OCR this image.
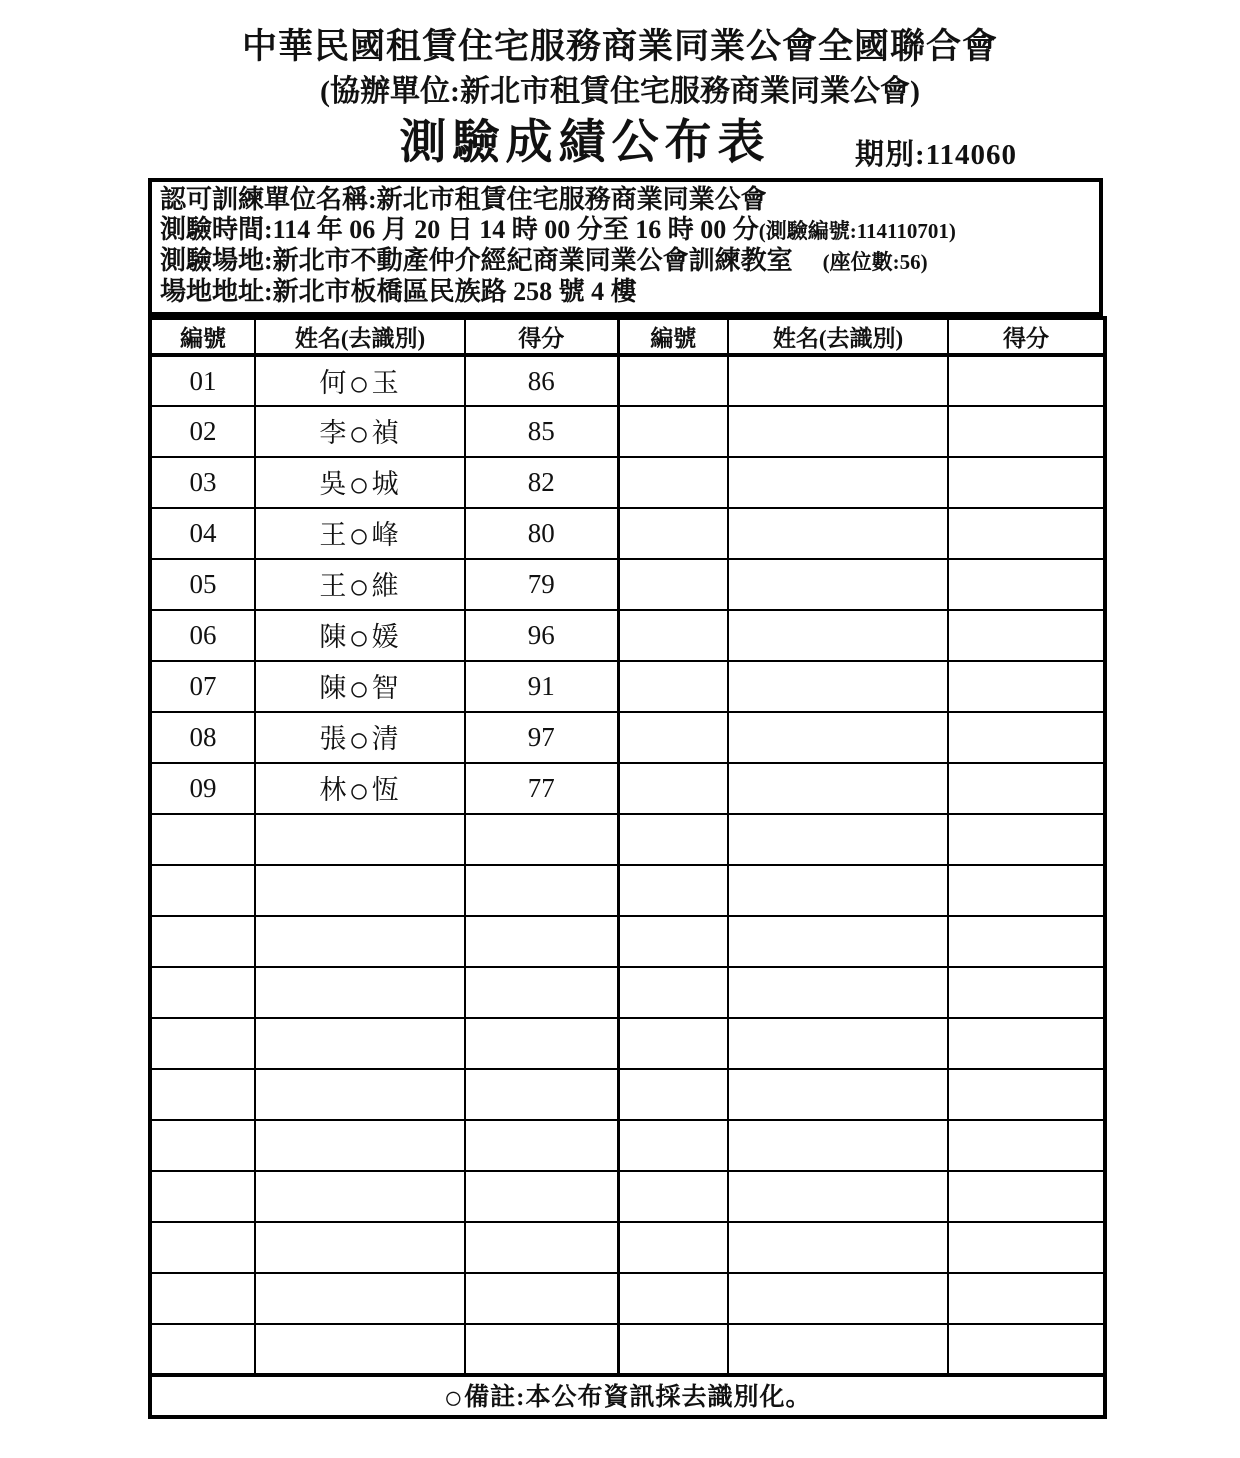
中華民國租賃住宅服務商業同業公會全國聯合會
(協辦單位:新北市租賃住宅服務商業同業公會)
測驗成績公布表	期別:114060
認可訓練單位名稱:新北市租賃住宅服務商業同業公會
測驗時間:114 年 06 月 20 日 14 時 00 分至 16 時 00 分(測驗編號:114110701)
測驗場地:新北市不動產仲介經紀商業同業公會訓練教室 (座位數:56)
場地地址:新北市板橋區民族路 258 號 4 樓
編號	姓名(去識別)	得分	編號	姓名(去識別)	得分
01	何○玉	86			
02	李○禎	85			
03	吳○城	82			
04	王○峰	80			
05	王○維	79			
06	陳○媛	96			
07	陳○智	91			
08	張○清	97			
09	林○恆	77			

○備註:本公布資訊採去識別化。					
